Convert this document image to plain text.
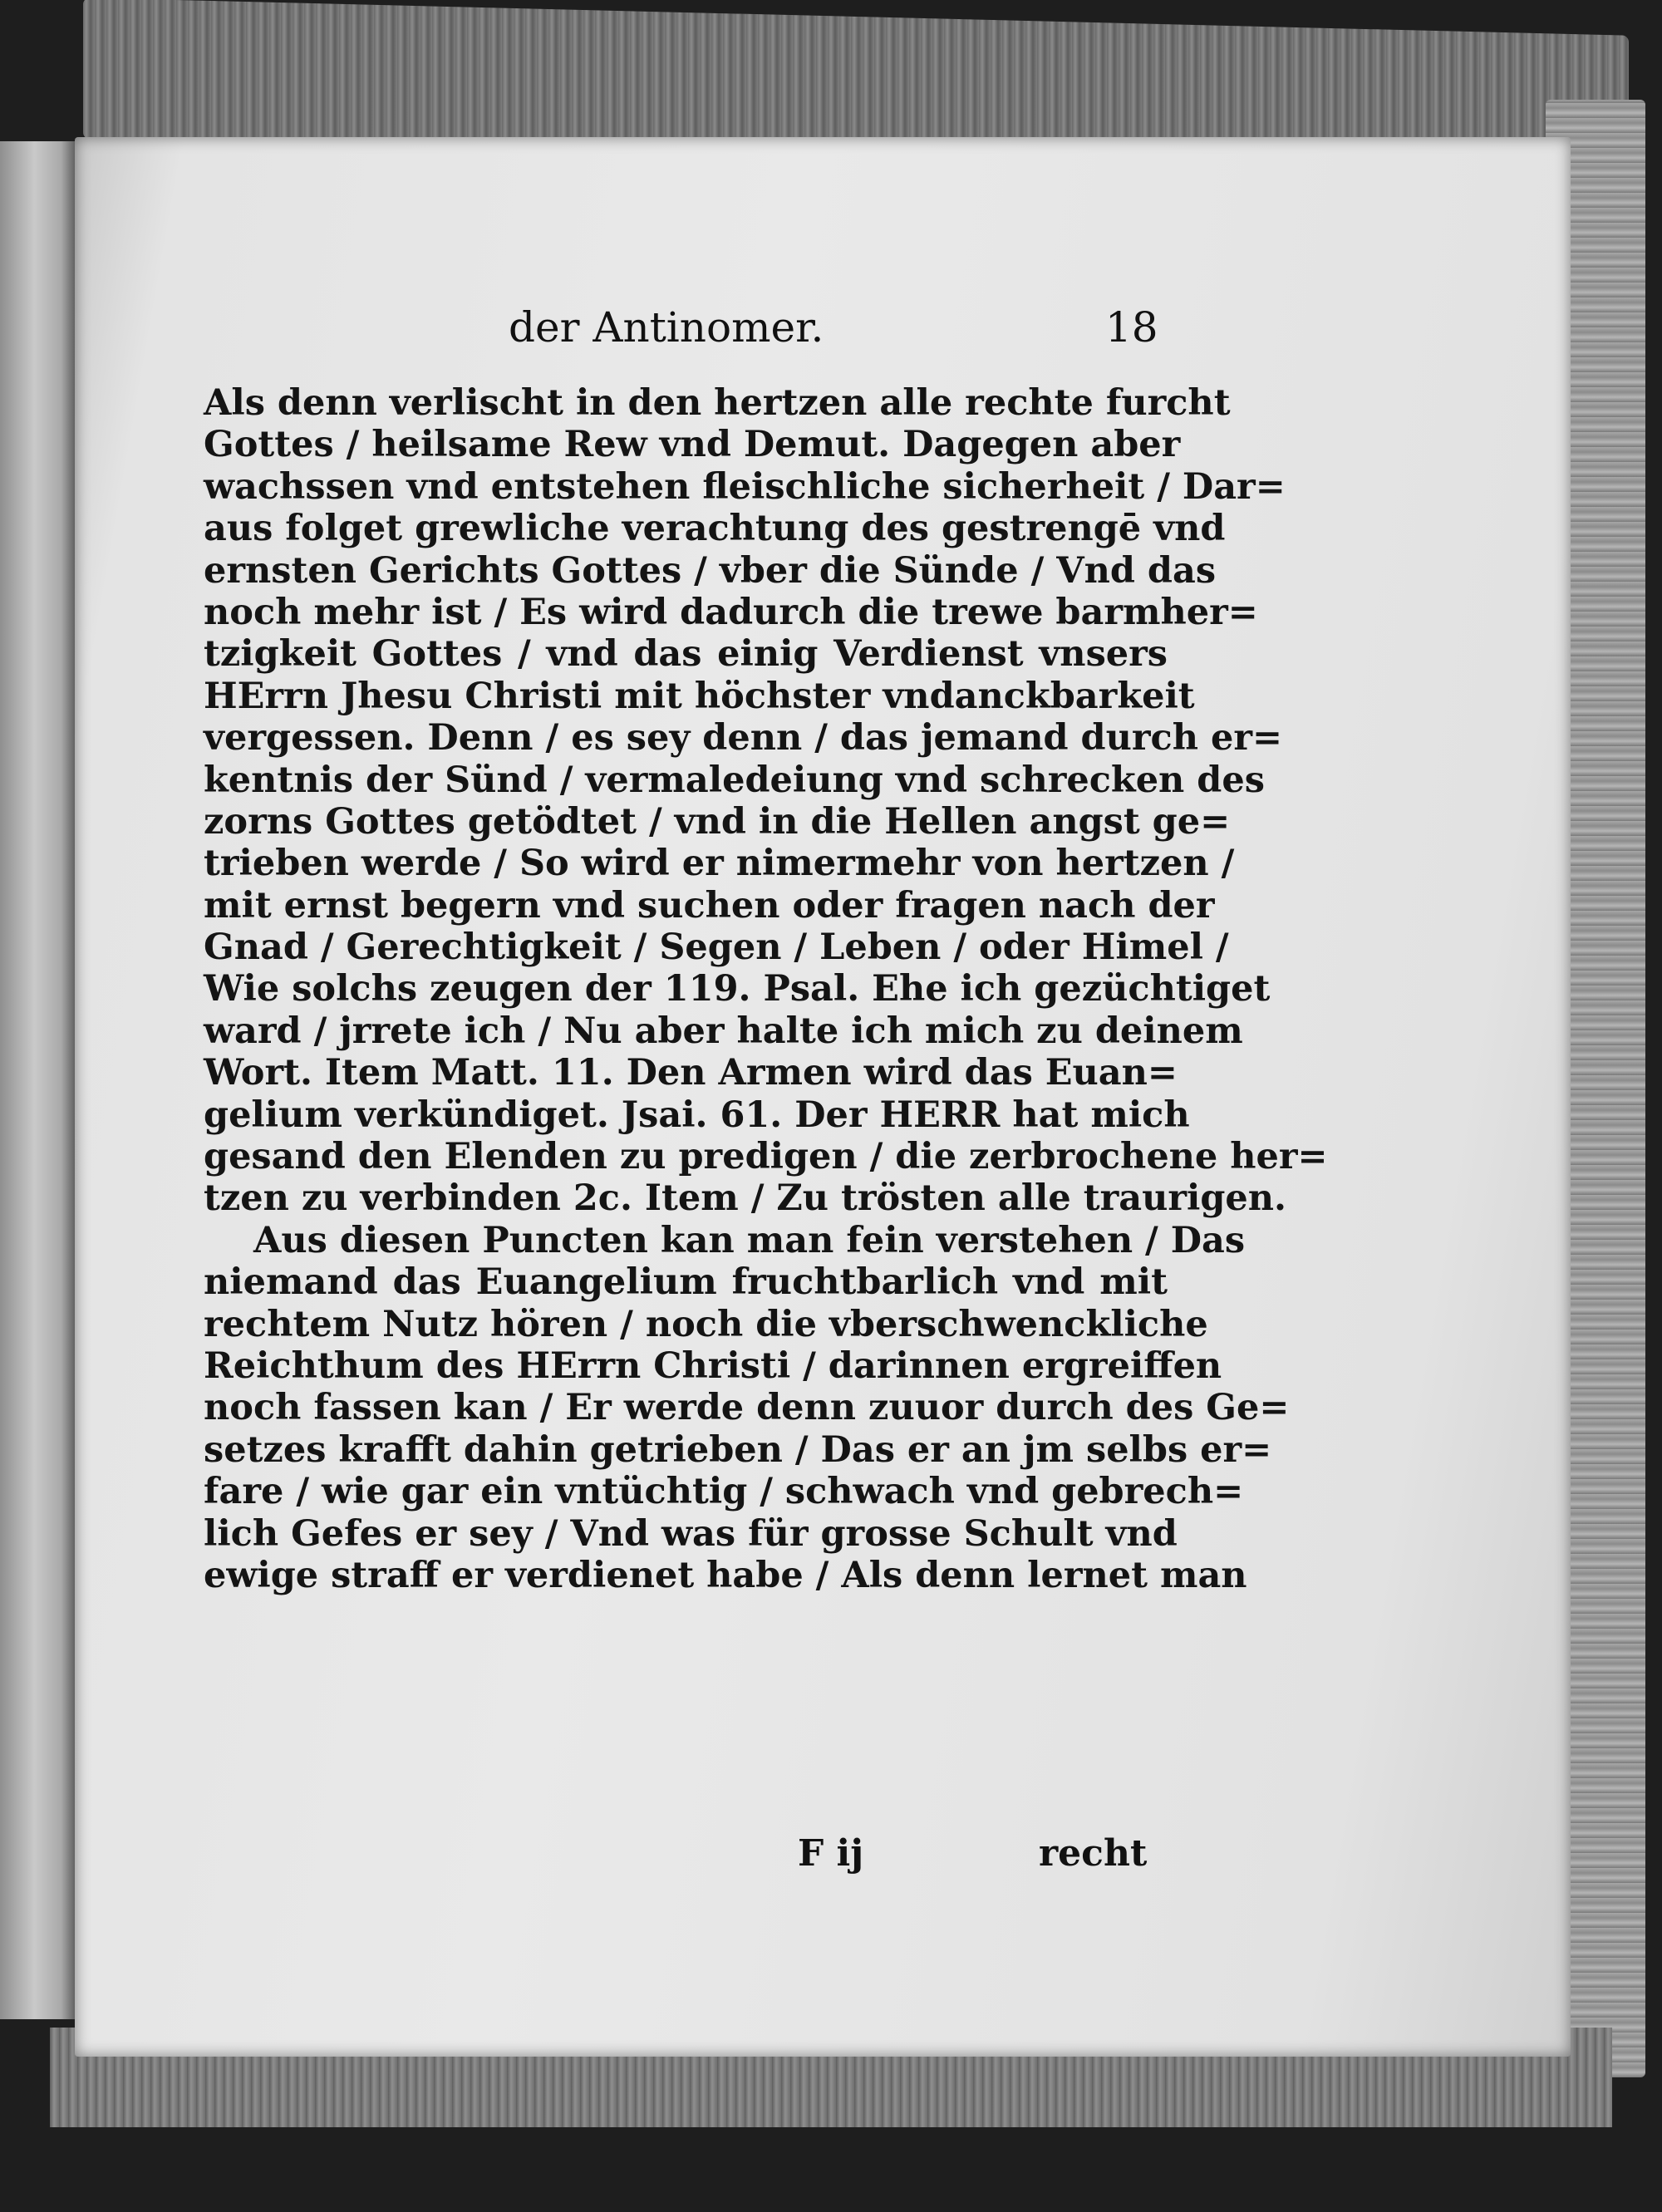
der Antinomer.	18
Als denn verlischt in den hertzen alle rechte furcht
Gottes / heilsame Rew vnd Demut. Dagegen aber
wachssen vnd entstehen fleischliche sicherheit / Dar=
aus folget grewliche verachtung des gestrengē vnd
ernsten Gerichts Gottes / vber die Sünde / Vnd das
noch mehr ist / Es wird dadurch die trewe barmher=
tzigkeit Gottes / vnd das einig Verdienst vnsers
HErrn Jhesu Christi mit höchster vndanckbarkeit
vergessen. Denn / es sey denn / das jemand durch er=
kentnis der Sünd / vermaledeiung vnd schrecken des
zorns Gottes getödtet / vnd in die Hellen angst ge=
trieben werde / So wird er nimermehr von hertzen /
mit ernst begern vnd suchen oder fragen nach der
Gnad / Gerechtigkeit / Segen / Leben / oder Himel /
Wie solchs zeugen der 119. Psal. Ehe ich gezüchtiget
ward / jrrete ich / Nu aber halte ich mich zu deinem
Wort. Item Matt. 11. Den Armen wird das Euan=
gelium verkündiget. Jsai. 61. Der HERR hat mich
gesand den Elenden zu predigen / die zerbrochene her=
tzen zu verbinden 2c. Item / Zu trösten alle traurigen.
Aus diesen Puncten kan man fein verstehen / Das
niemand das Euangelium fruchtbarlich vnd mit
rechtem Nutz hören / noch die vberschwenckliche
Reichthum des HErrn Christi / darinnen ergreiffen
noch fassen kan / Er werde denn zuuor durch des Ge=
setzes krafft dahin getrieben / Das er an jm selbs er=
fare / wie gar ein vntüchtig / schwach vnd gebrech=
lich Gefes er sey / Vnd was für grosse Schult vnd
ewige straff er verdienet habe / Als denn lernet man
F ij	recht
